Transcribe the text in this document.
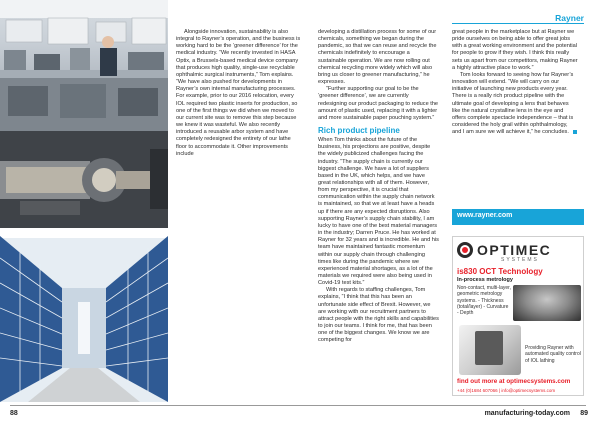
Rayner

Alongside innovation, sustainability is also integral to Rayner’s operation, and the business is working hard to be the ‘greener difference’ for the medical industry. “We recently invested in HASA Optix, a Brussels-based medical device company that produces high quality, single-use recyclable ophthalmic surgical instruments,” Tom explains. “We have also pushed for developments in Rayner’s own internal manufacturing processes. For example, prior to our 2016 relocation, every IOL required two plastic inserts for production, so one of the first things we did when we moved to our current site was to remove this step because we knew it was wasteful. We also recently introduced a reusable arbor system and have completely redesigned the entirety of our lathe floor to accommodate it. Other improvements include

developing a distillation process for some of our chemicals, something we began during the pandemic, so that we can reuse and recycle the chemicals indefinitely to encourage a sustainable operation. We are now rolling out chemical recycling more widely which will also bring us closer to greener manufacturing,” he expresses.

“Further supporting our goal to be the ‘greener difference’, we are currently redesigning our product packaging to reduce the amount of plastic used, replacing it with a lighter and more sustainable paper pouching system.”

Rich product pipeline

When Tom thinks about the future of the business, his projections are positive, despite the widely publicized challenges facing the industry. “The supply chain is currently our biggest challenge. We have a lot of suppliers based in the UK, which helps, and we have great relationships with all of them. However, from my perspective, it is crucial that communication within the supply chain network is maintained, so that we at least have a heads up if there are any expected disruptions. Also supporting Rayner’s supply chain stability, I am lucky to have one of the best material managers in the industry; Darren Pruce. He has worked at Rayner for 32 years and is incredible. He and his team have maintained fantastic momentum within our supply chain through challenging times like during the pandemic where we experienced material shortages, as a lot of the materials we required were also being used in Covid-19 test kits.”

With regards to staffing challenges, Tom explains, “I think that this has been an unfortunate side effect of Brexit. However, we are working with our recruitment partners to attract people with the right skills and capabilities to join our teams. I think for me, that has been one of the biggest changes. We know we are competing for

great people in the marketplace but at Rayner we pride ourselves on being able to offer great jobs with a great working environment and the potential for people to grow if they wish. I think this really sets us apart from our competitors, making Rayner a highly attractive place to work.”

Tom looks forward to seeing how far Rayner’s innovation will extend. “We will carry on our initiative of launching new products every year. There is a really rich product pipeline with the ultimate goal of developing a lens that behaves like the natural crystalline lens in the eye and offers complete spectacle independence – that is considered the holy grail within ophthalmology, and I am sure we will achieve it,” he concludes.

www.rayner.com
OPTIMEC
SYSTEMS
is830 OCT Technology
In-process metrology
Non-contact, multi-layer, geometric metrology systems. - Thickness (total/layer) - Curvature - Depth
Providing Rayner with automated quality control of IOL lathing
find out more at optimecsystems.com
+44 (0)1684 607066 | info@optimecsystems.com
88	manufacturing-today.com 89
